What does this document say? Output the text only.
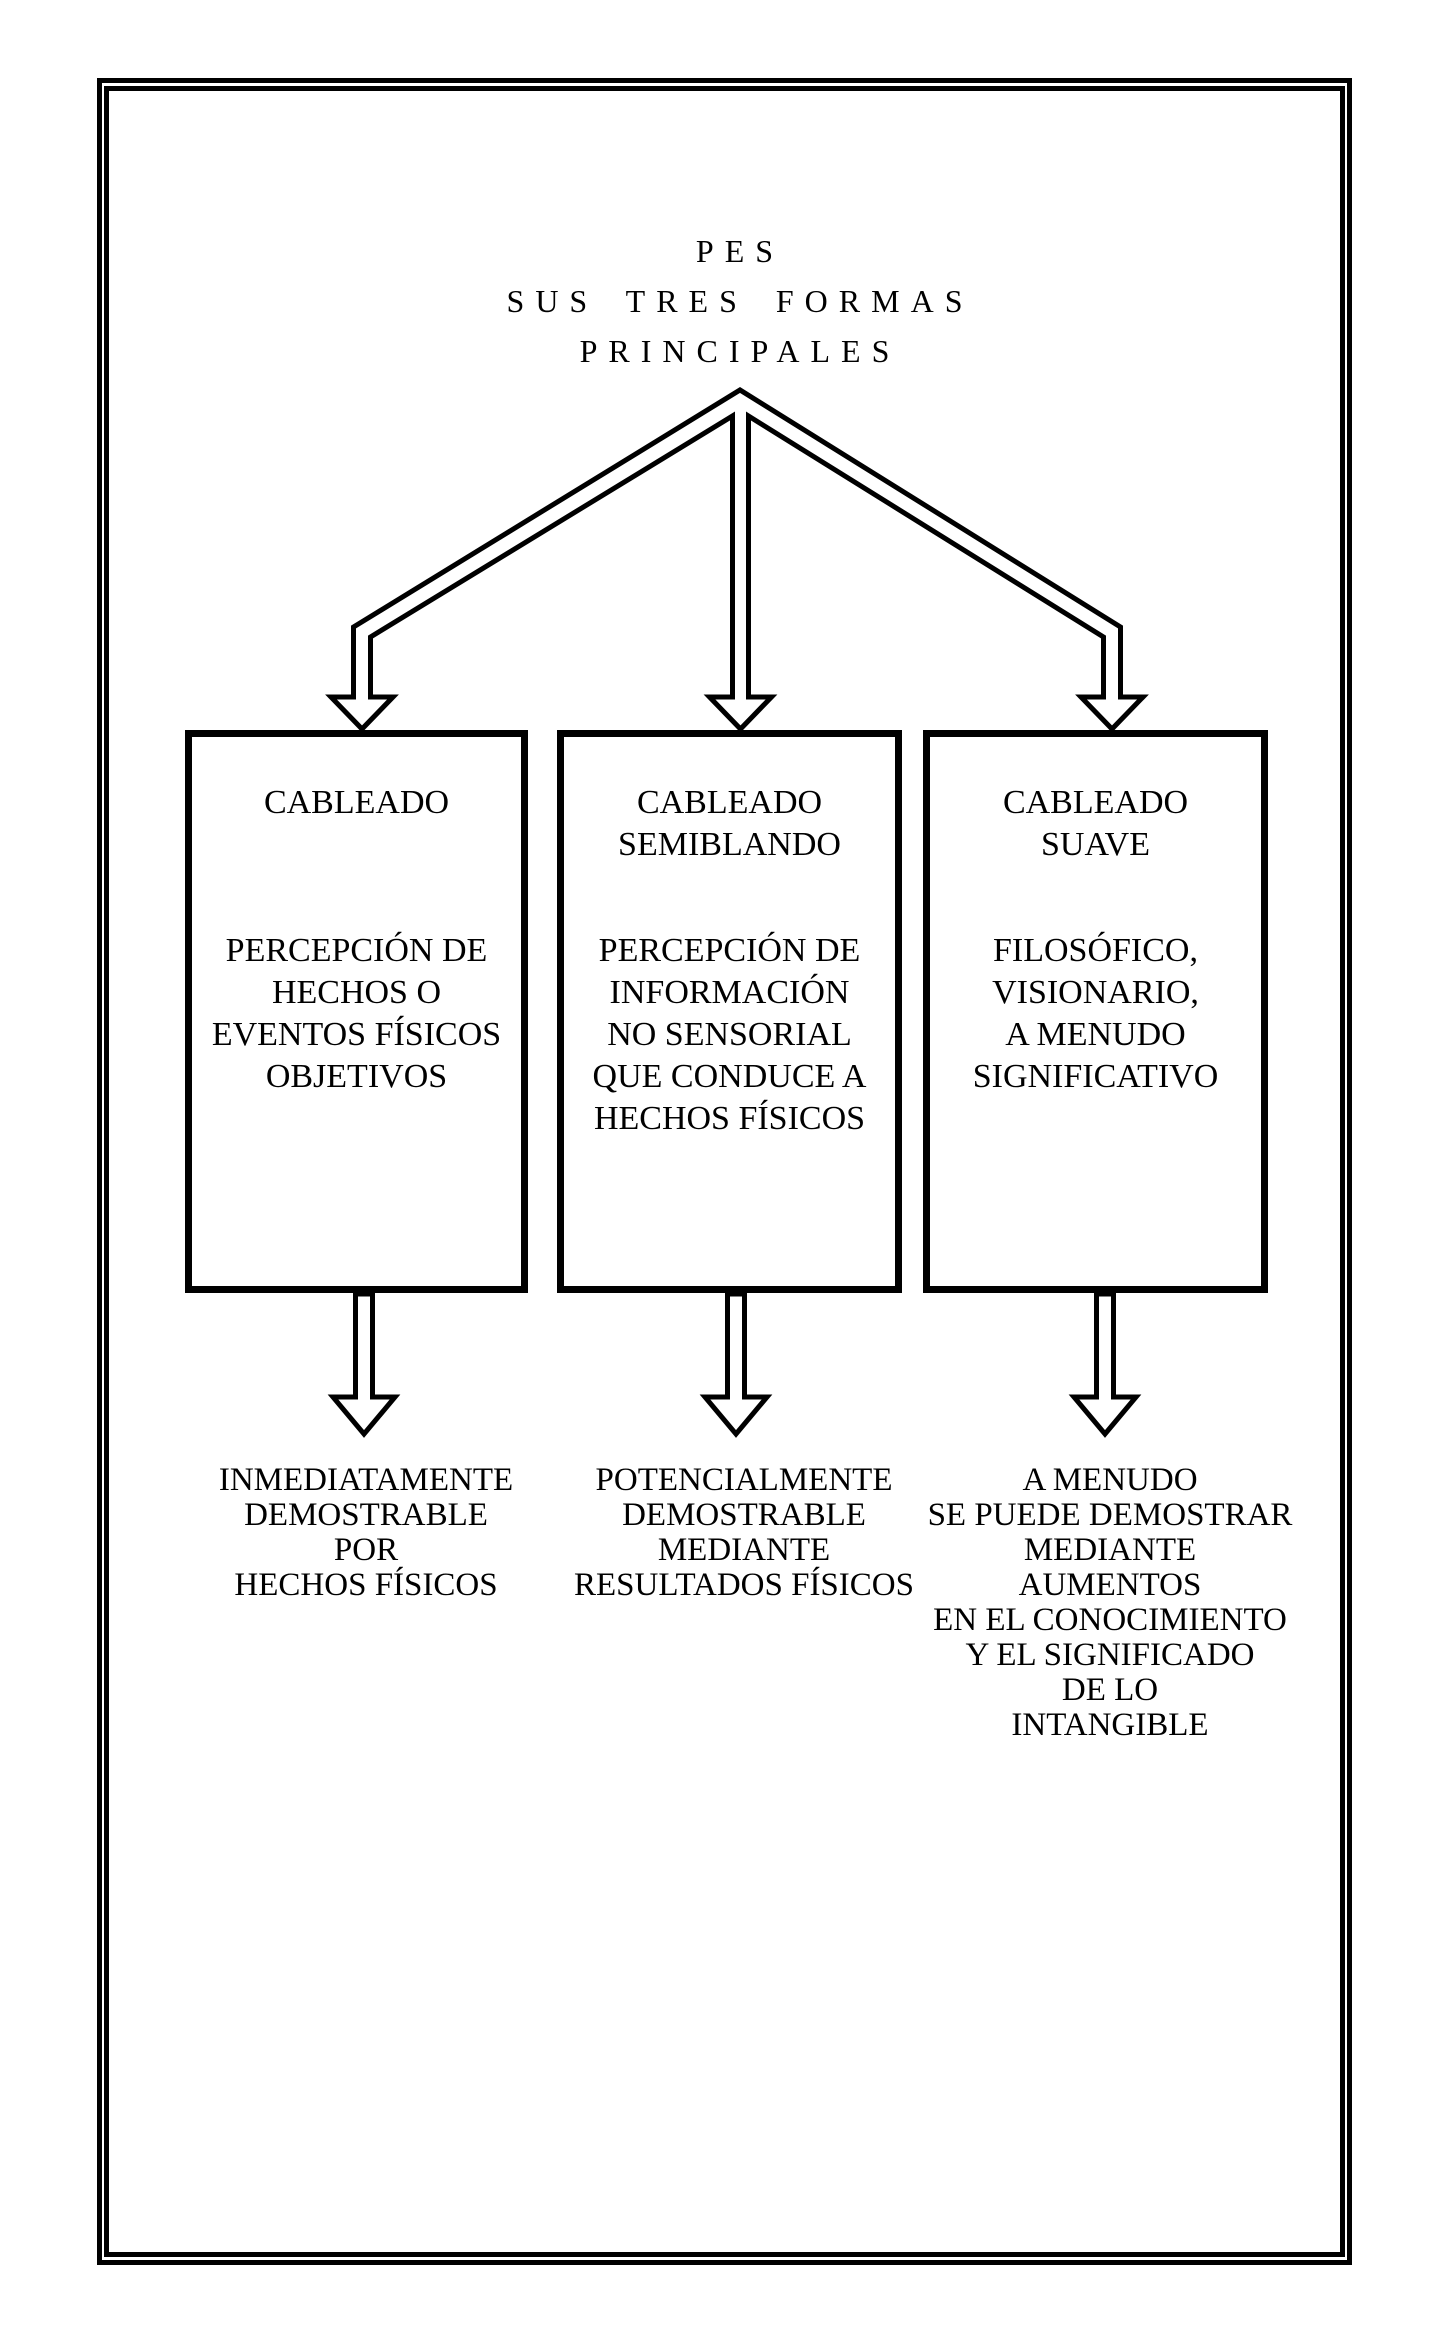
PES
SUS TRES FORMAS
PRINCIPALES
CABLEADO
PERCEPCIÓN DE
HECHOS O
EVENTOS FÍSICOS
OBJETIVOS
CABLEADO
SEMIBLANDO
PERCEPCIÓN DE
INFORMACIÓN
NO SENSORIAL
QUE CONDUCE A
HECHOS FÍSICOS
CABLEADO
SUAVE
FILOSÓFICO,
VISIONARIO,
A MENUDO
SIGNIFICATIVO
INMEDIATAMENTE
DEMOSTRABLE
POR
HECHOS FÍSICOS
POTENCIALMENTE
DEMOSTRABLE
MEDIANTE
RESULTADOS FÍSICOS
A MENUDO
SE PUEDE DEMOSTRAR
MEDIANTE
AUMENTOS
EN EL CONOCIMIENTO
Y EL SIGNIFICADO
DE LO
INTANGIBLE
